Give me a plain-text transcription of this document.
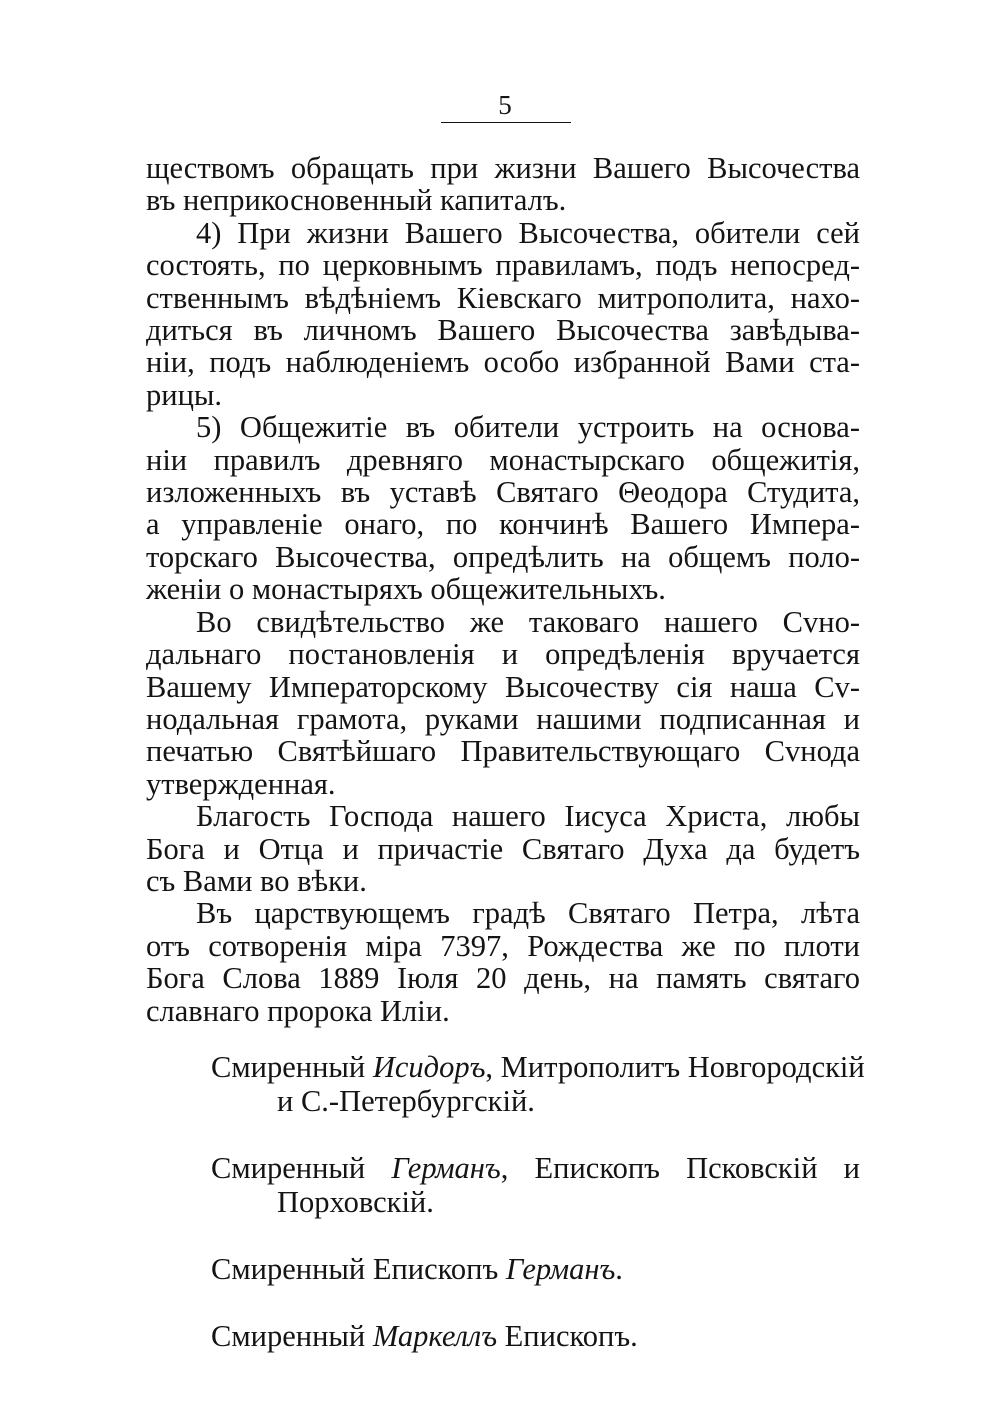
5
ществомъ обращать при жизни Вашего Высочества
въ неприкосновенный капиталъ.
4) При жизни Вашего Высочества, обители сей
состоять, по церковнымъ правиламъ, подъ непосред-
ственнымъ вѣдѣніемъ Кіевскаго митрополита, нахо-
диться въ личномъ Вашего Высочества завѣдыва-
ніи, подъ наблюденіемъ особо избранной Вами ста-
рицы.
5) Общежитіе въ обители устроить на основа-
ніи правилъ древняго монастырскаго общежитія,
изложенныхъ въ уставѣ Святаго Θеодора Студита,
а управленіе онаго, по кончинѣ Вашего Импера-
торскаго Высочества, опредѣлить на общемъ поло-
женіи о монастыряхъ общежительныхъ.
Во свидѣтельство же таковаго нашего Сvно-
дальнаго постановленія и опредѣленія вручается
Вашему Императорскому Высочеству сія наша Сv-
нодальная грамота, руками нашими подписанная и
печатью Святѣйшаго Правительствующаго Сvнода
утвержденная.
Благость Господа нашего Іисуса Христа, любы
Бога и Отца и причастіе Святаго Духа да будетъ
съ Вами во вѣки.
Въ царствующемъ градѣ Святаго Петра, лѣта
отъ сотворенія міра 7397, Рождества же по плоти
Бога Слова 1889 Іюля 20 день, на память святаго
славнаго пророка Иліи.
Смиренный Исидоръ, Митрополитъ Новгородскій
и С.-Петербургскій.
Смиренный Германъ, Епископъ Псковскій и
Порховскій.
Смиренный Епископъ Германъ.
Смиренный Маркеллъ Епископъ.
